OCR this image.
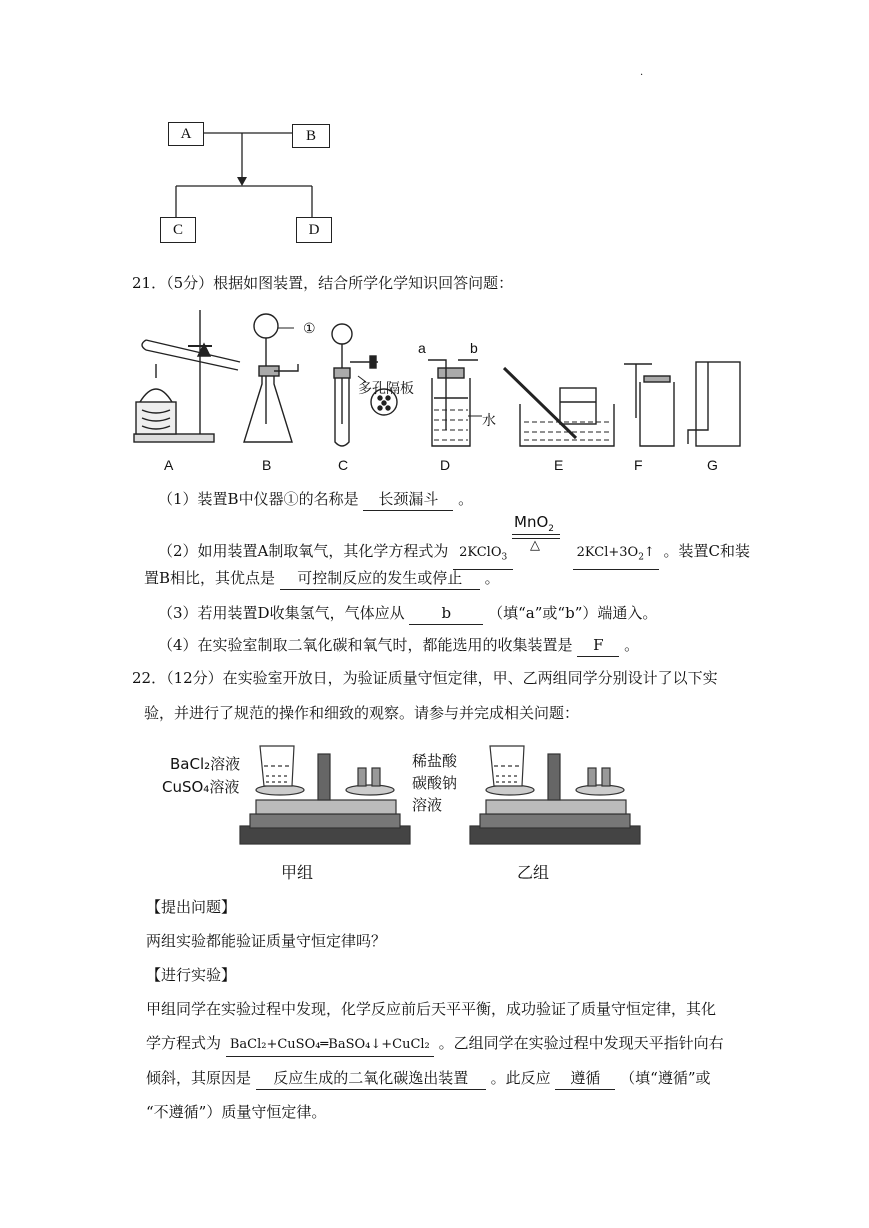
.
A	B
C	D
21．（5分）根据如图装置，结合所学化学知识回答问题：
①
多孔隔板
水
a	b
A	B	C	D	E	F	G
（1）装置B中仪器①的名称是 长颈漏斗 。
MnO$_2$
△
（2）如用装置A制取氧气，其化学方程式为 2KClO$_3$	$2KCl+3O_2↑$ 。装置C和装
置B相比，其优点是 可控制反应的发生或停止 。
（3）若用装置D收集氢气，气体应从 b （填“a”或“b”）端通入。
（4）在实验室制取二氧化碳和氧气时，都能选用的收集装置是 F 。
22．（12分）在实验室开放日，为验证质量守恒定律，甲、乙两组同学分别设计了以下实
验，并进行了规范的操作和细致的观察。请参与并完成相关问题：
BaCl₂溶液
CuSO₄溶液
稀盐酸
碳酸钠
溶液
甲组	乙组
【提出问题】
两组实验都能验证质量守恒定律吗？
【进行实验】
甲组同学在实验过程中发现，化学反应前后天平平衡，成功验证了质量守恒定律，其化
学方程式为 BaCl₂+CuSO₄═BaSO₄↓+CuCl₂ 。乙组同学在实验过程中发现天平指针向右
倾斜，其原因是 反应生成的二氧化碳逸出装置 。此反应 遵循 （填“遵循”或
“不遵循”）质量守恒定律。
